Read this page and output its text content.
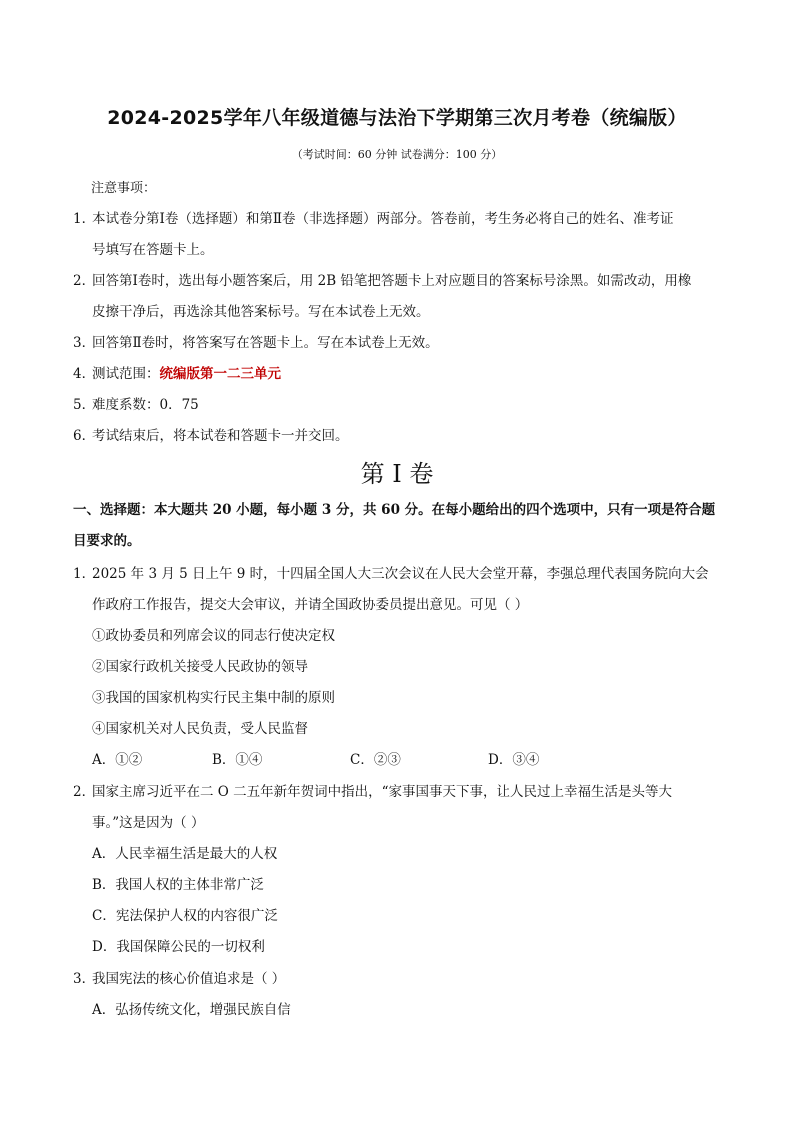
2024-2025学年八年级道德与法治下学期第三次月考卷（统编版）
（考试时间：60 分钟 试卷满分：100 分）
注意事项：
1．
本试卷分第Ⅰ卷（选择题）和第Ⅱ卷（非选择题）两部分。答卷前，考生务必将自己的姓名、准考证
号填写在答题卡上。
2．
回答第Ⅰ卷时，选出每小题答案后，用 2B 铅笔把答题卡上对应题目的答案标号涂黑。如需改动，用橡
皮擦干净后，再选涂其他答案标号。写在本试卷上无效。
3．
回答第Ⅱ卷时，将答案写在答题卡上。写在本试卷上无效。
4．
测试范围：统编版第一二三单元
5．
难度系数：0．75
6．
考试结束后，将本试卷和答题卡一并交回。
第 I 卷
一、选择题：本大题共 20 小题，每小题 3 分，共 60 分。在每小题给出的四个选项中，只有一项是符合题
目要求的。
1．
2025 年 3 月 5 日上午 9 时，十四届全国人大三次会议在人民大会堂开幕，李强总理代表国务院向大会
作政府工作报告，提交大会审议，并请全国政协委员提出意见。可见（ ）
①政协委员和列席会议的同志行使决定权
②国家行政机关接受人民政协的领导
③我国的国家机构实行民主集中制的原则
④国家机关对人民负责，受人民监督
A．①②	B．①④	C．②③	D．③④
2．
国家主席习近平在二 O 二五年新年贺词中指出，“家事国事天下事，让人民过上幸福生活是头等大
事。”这是因为（ ）
A．人民幸福生活是最大的人权
B．我国人权的主体非常广泛
C．宪法保护人权的内容很广泛
D．我国保障公民的一切权利
3．
我国宪法的核心价值追求是（ ）
A．弘扬传统文化，增强民族自信
